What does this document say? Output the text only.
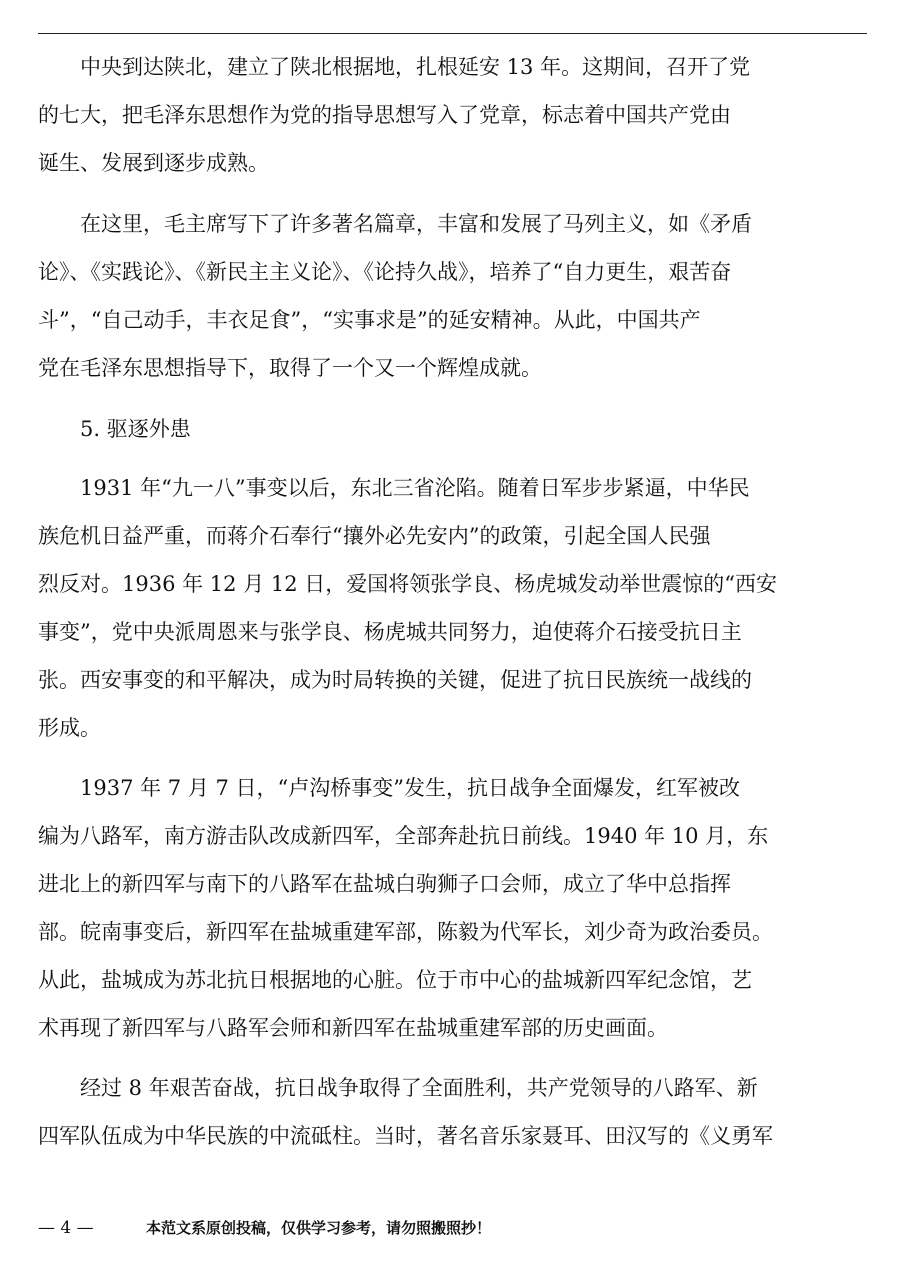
　　中央到达陕北，建立了陕北根据地，扎根延安 13 年。这期间，召开了党
的七大，把毛泽东思想作为党的指导思想写入了党章，标志着中国共产党由
诞生、发展到逐步成熟。
　　在这里，毛主席写下了许多著名篇章，丰富和发展了马列主义，如《矛盾
论》、《实践论》、《新民主主义论》、《论持久战》，培养了“自力更生，艰苦奋
斗”，“自己动手，丰衣足食”，“实事求是”的延安精神。从此，中国共产
党在毛泽东思想指导下，取得了一个又一个辉煌成就。
　　5. 驱逐外患
　　1931 年“九一八”事变以后，东北三省沦陷。随着日军步步紧逼，中华民
族危机日益严重，而蒋介石奉行“攘外必先安内”的政策，引起全国人民强
烈反对。1936 年 12 月 12 日，爱国将领张学良、杨虎城发动举世震惊的“西安
事变”，党中央派周恩来与张学良、杨虎城共同努力，迫使蒋介石接受抗日主
张。西安事变的和平解决，成为时局转换的关键，促进了抗日民族统一战线的
形成。
　　1937 年 7 月 7 日，“卢沟桥事变”发生，抗日战争全面爆发，红军被改
编为八路军，南方游击队改成新四军，全部奔赴抗日前线。1940 年 10 月，东
进北上的新四军与南下的八路军在盐城白驹狮子口会师，成立了华中总指挥
部。皖南事变后，新四军在盐城重建军部，陈毅为代军长，刘少奇为政治委员。
从此，盐城成为苏北抗日根据地的心脏。位于市中心的盐城新四军纪念馆，艺
术再现了新四军与八路军会师和新四军在盐城重建军部的历史画面。
　　经过 8 年艰苦奋战，抗日战争取得了全面胜利，共产党领导的八路军、新
四军队伍成为中华民族的中流砥柱。当时，著名音乐家聂耳、田汉写的《义勇军
— 4 —	本范文系原创投稿，仅供学习参考，请勿照搬照抄！
